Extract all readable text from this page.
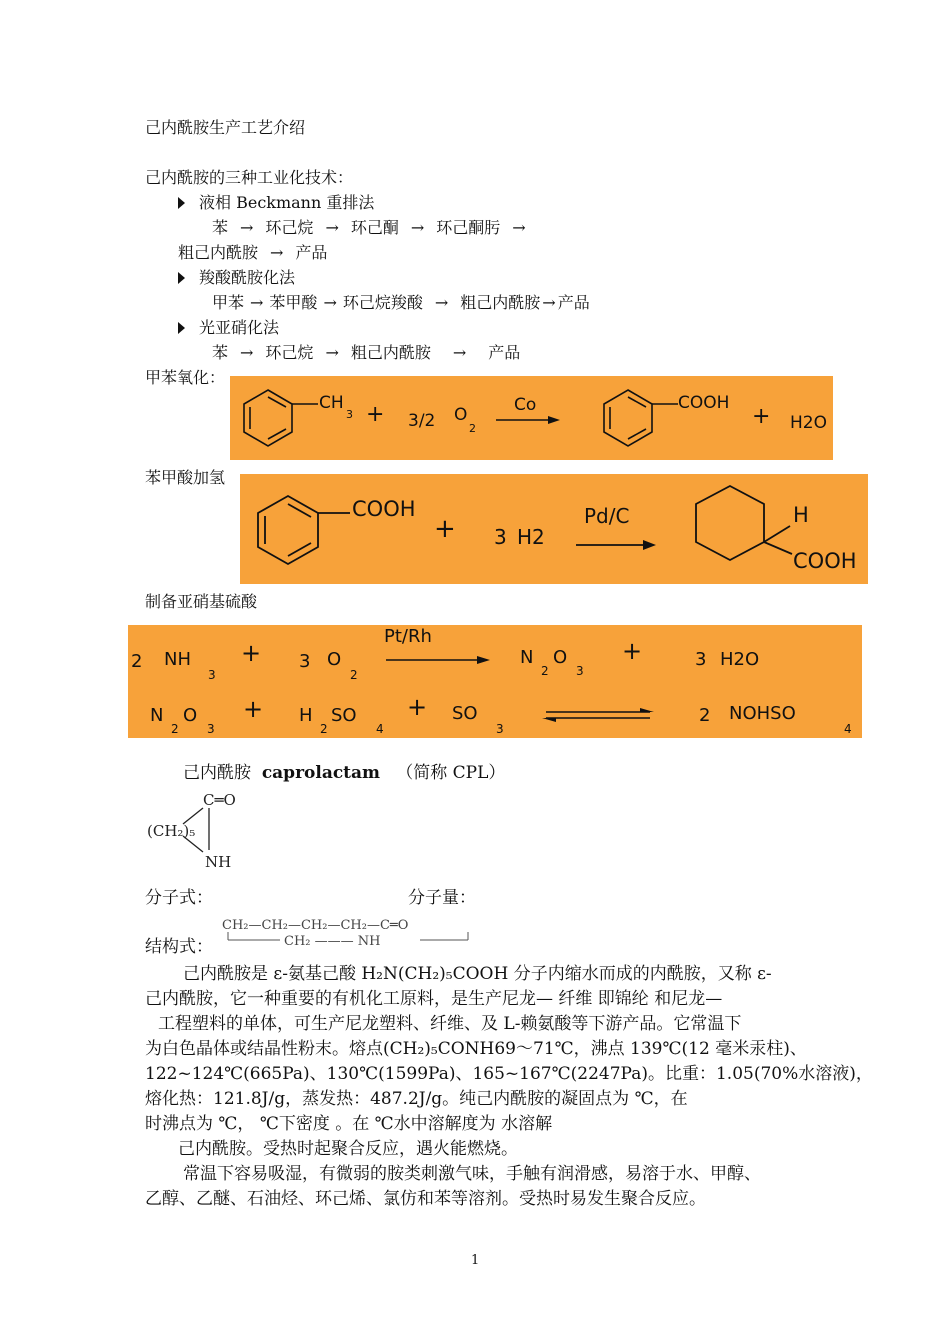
己内酰胺生产工艺介绍
己内酰胺的三种工业化技术：
液相 Beckmann 重排法
苯 → 环己烷 → 环己酮 → 环己酮肟 →
粗己内酰胺 → 产品
羧酸酰胺化法
甲苯 → 苯甲酸 → 环己烷羧酸 → 粗己内酰胺 → 产品
光亚硝化法
苯 → 环己烷 → 粗己内酰胺 → 产品
甲苯氧化：
CH
3 + 3/2 O
2
Co	COOH
+ H2O
苯甲酸加氢
COOH
+ 3 H2
Pd/C	H
COOH
制备亚硝基硫酸
2 NH
3
+ 3 O
2
Pt/Rh
N
2
O
3
+	3 H2O
N
2
O
3
+ H
2
SO
4
+ SO
3
2 NOHSO
4
己内酰胺 caprolactam （简称 CPL）
C═O
(CH₂)₅
NH
分子式：	分子量：
结构式：
CH₂—CH₂—CH₂—CH₂—C═O
CH₂ ——— NH
己内酰胺是 ε-氨基己酸 H₂N(CH₂)₅COOH 分子内缩水而成的内酰胺，又称 ε-
己内酰胺，它一种重要的有机化工原料，是生产尼龙— 纤维 即锦纶 和尼龙—
工程塑料的单体，可生产尼龙塑料、纤维、及 L-赖氨酸等下游产品。它常温下
为白色晶体或结晶性粉末。熔点(CH₂)₅CONH69～71℃，沸点 139℃(12 毫米汞柱)、
122~124℃(665Pa)、130℃(1599Pa)、165~167℃(2247Pa)。比重：1.05(70%水溶液)，
熔化热：121.8J/g，蒸发热：487.2J/g。纯己内酰胺的凝固点为 ℃，在
时沸点为 ℃， ℃下密度 。在 ℃水中溶解度为 水溶解
己内酰胺。受热时起聚合反应，遇火能燃烧。
常温下容易吸湿，有微弱的胺类刺激气味，手触有润滑感，易溶于水、甲醇、
乙醇、乙醚、石油烃、环己烯、氯仿和苯等溶剂。受热时易发生聚合反应。
1
